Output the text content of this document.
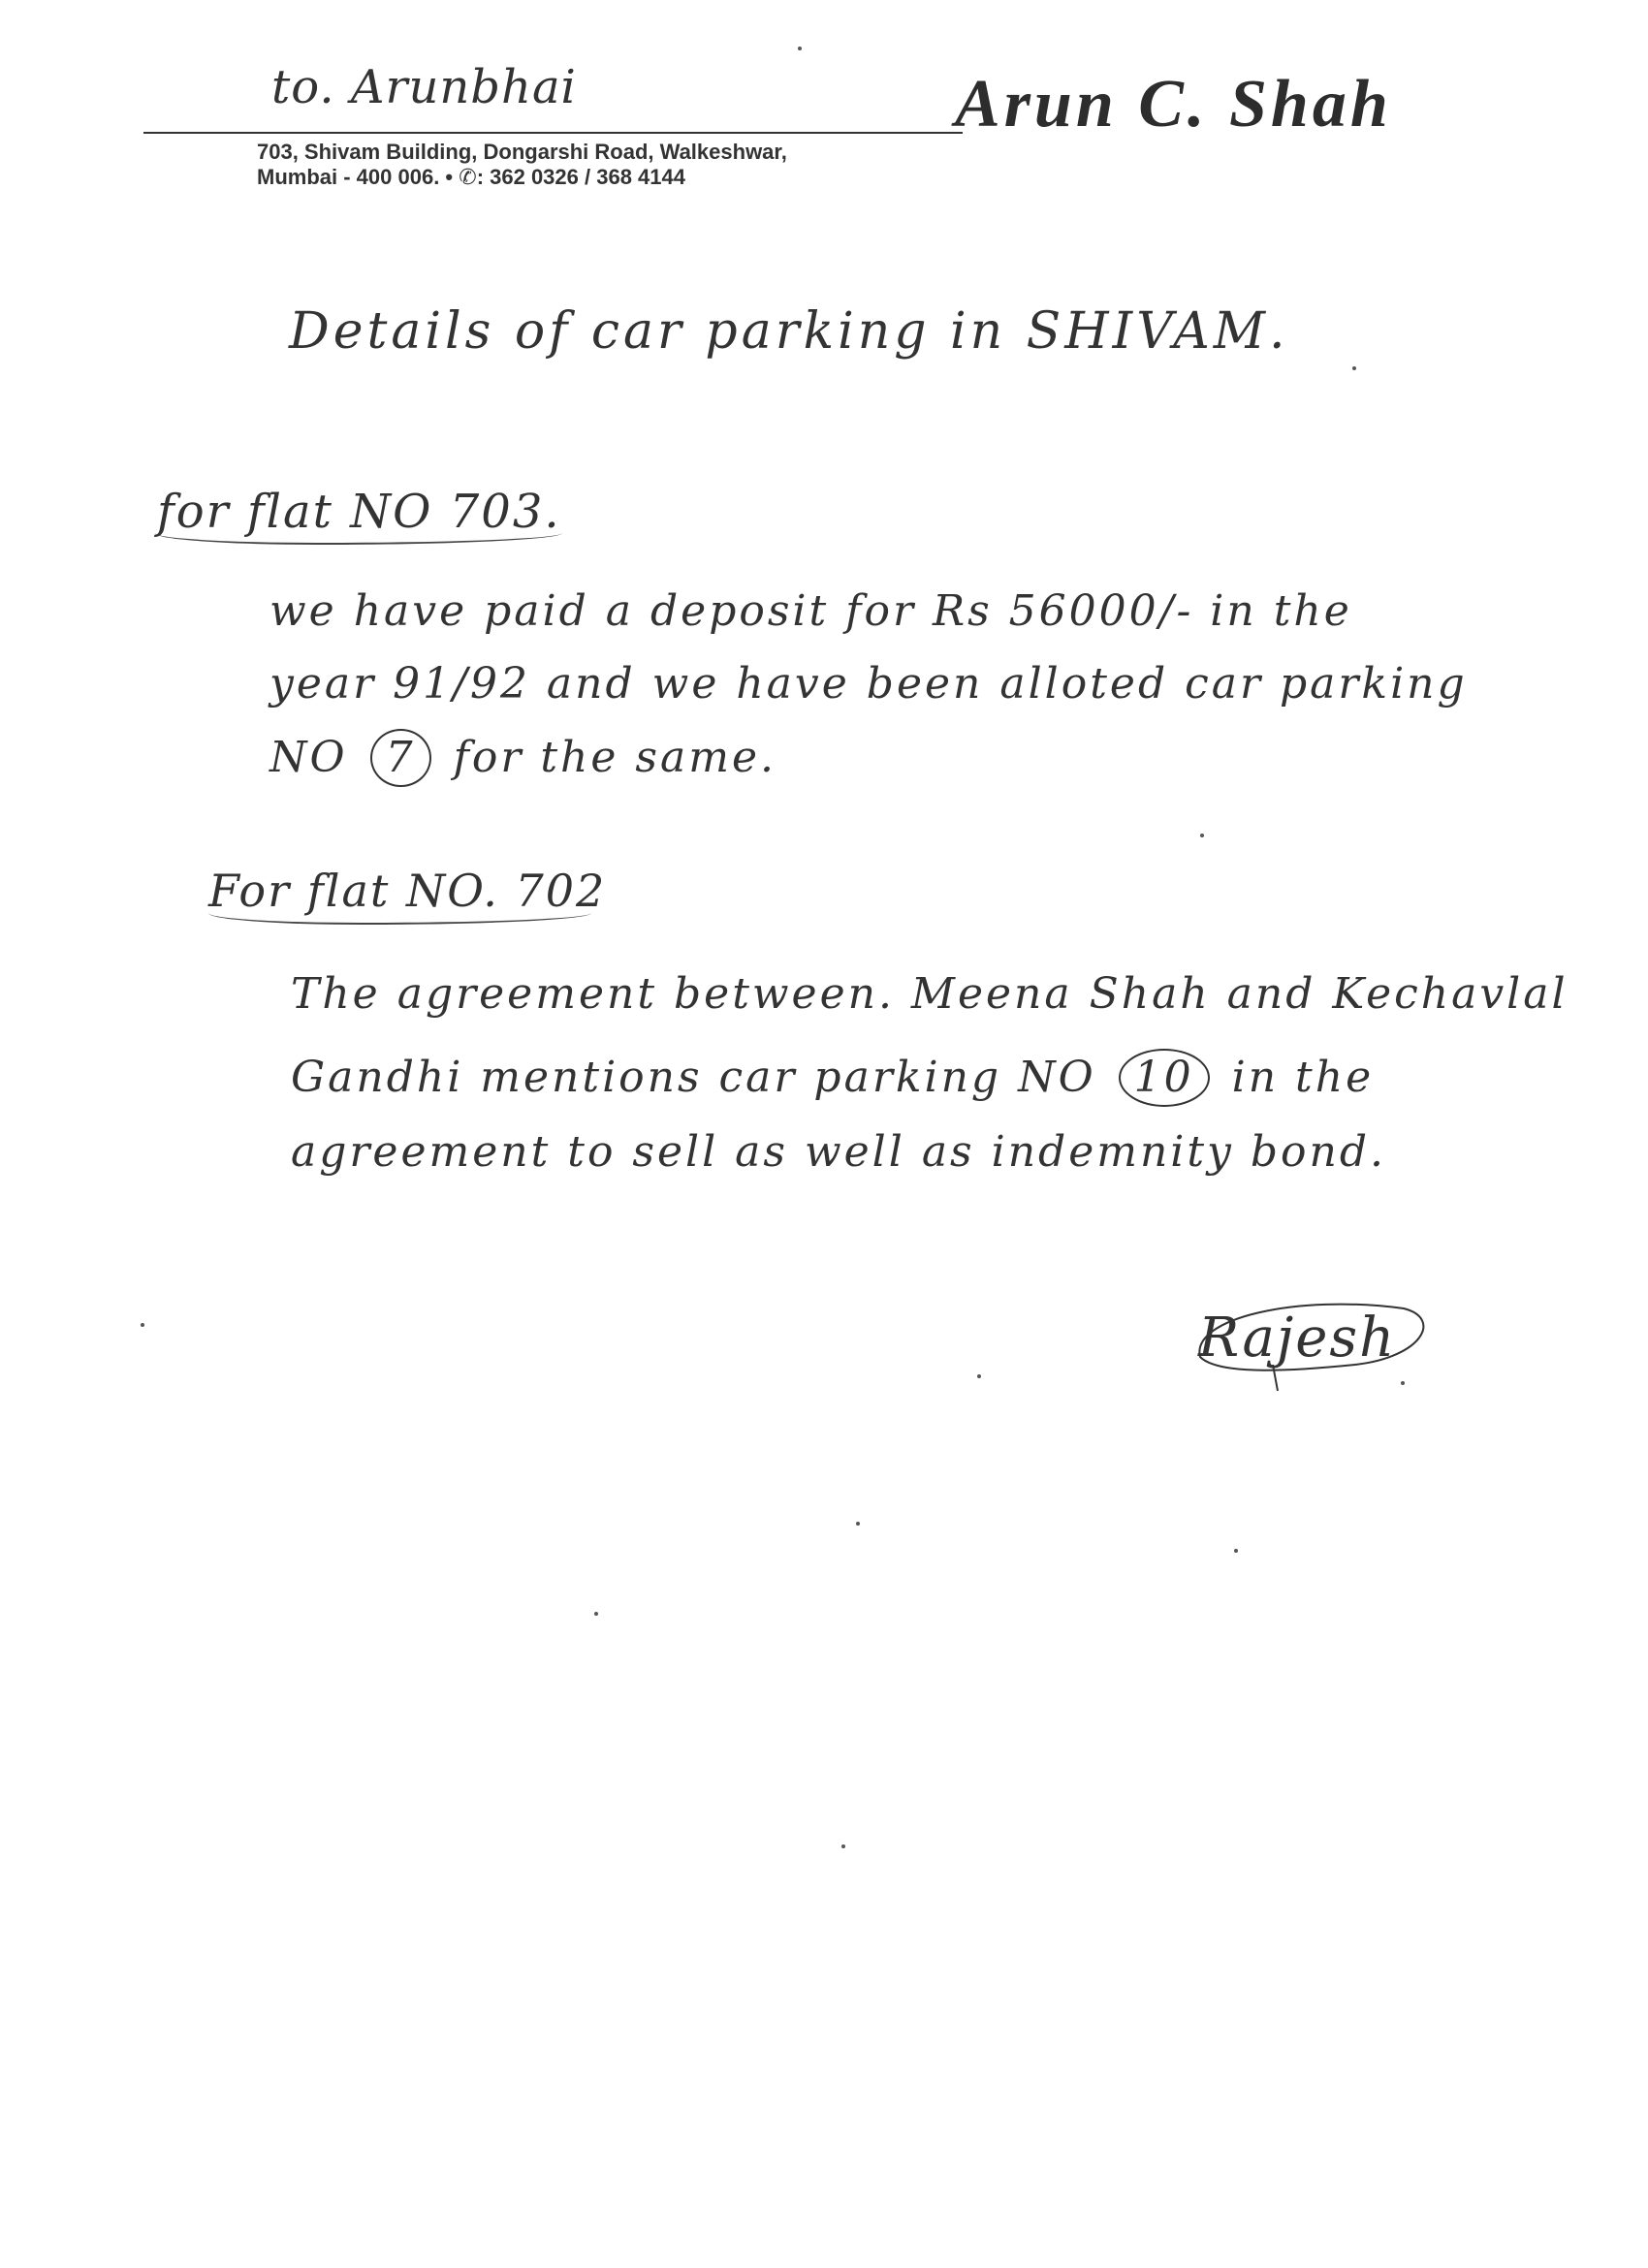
to. Arunbhai	Arun C. Shah
703, Shivam Building, Dongarshi Road, Walkeshwar,
Mumbai - 400 006. • ✆: 362 0326 / 368 4144
Details of car parking in SHIVAM.
for flat NO 703.
we have paid a deposit for Rs 56000/- in the
year 91/92 and we have been alloted car parking
NO 7 for the same.
For flat NO. 702
The agreement between. Meena Shah and Kechavlal
Gandhi mentions car parking NO 10 in the
agreement to sell as well as indemnity bond.
Rajesh
